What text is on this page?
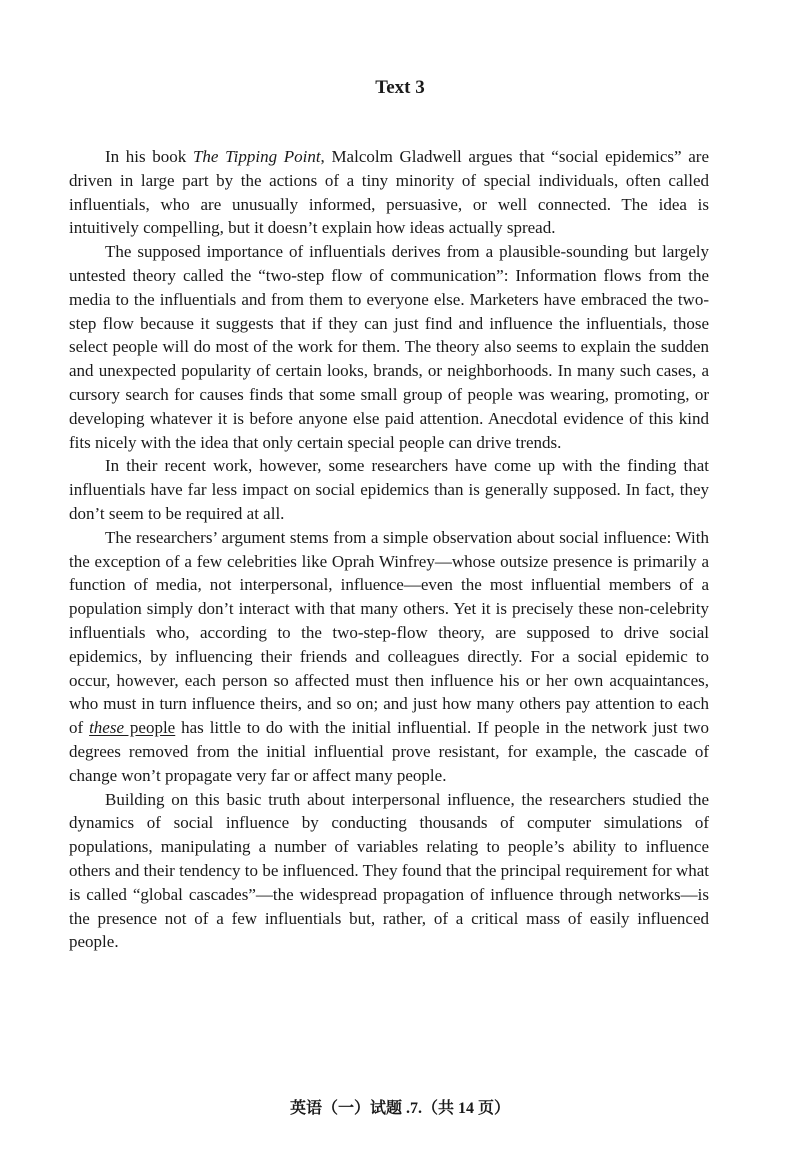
Text 3

In his book The Tipping Point, Malcolm Gladwell argues that “social epidemics” are driven in large part by the actions of a tiny minority of special individuals, often called influentials, who are unusually informed, persuasive, or well connected. The idea is intuitively compelling, but it doesn’t explain how ideas actually spread.

The supposed importance of influentials derives from a plausible-sounding but largely untested theory called the “two-step flow of communication”: Information flows from the media to the influentials and from them to everyone else. Marketers have embraced the two-step flow because it suggests that if they can just find and influence the influentials, those select people will do most of the work for them. The theory also seems to explain the sudden and unexpected popularity of certain looks, brands, or neighborhoods. In many such cases, a cursory search for causes finds that some small group of people was wearing, promoting, or developing whatever it is before anyone else paid attention. Anecdotal evidence of this kind fits nicely with the idea that only certain special people can drive trends.

In their recent work, however, some researchers have come up with the finding that influentials have far less impact on social epidemics than is generally supposed. In fact, they don’t seem to be required at all.

The researchers’ argument stems from a simple observation about social influence: With the exception of a few celebrities like Oprah Winfrey—whose outsize presence is primarily a function of media, not interpersonal, influence—even the most influential members of a population simply don’t interact with that many others. Yet it is precisely these non-celebrity influentials who, according to the two-step-flow theory, are supposed to drive social epidemics, by influencing their friends and colleagues directly. For a social epidemic to occur, however, each person so affected must then influence his or her own acquaintances, who must in turn influence theirs, and so on; and just how many others pay attention to each of these people has little to do with the initial influential. If people in the network just two degrees removed from the initial influential prove resistant, for example, the cascade of change won’t propagate very far or affect many people.

Building on this basic truth about interpersonal influence, the researchers studied the dynamics of social influence by conducting thousands of computer simulations of populations, manipulating a number of variables relating to people’s ability to influence others and their tendency to be influenced. They found that the principal requirement for what is called “global cascades”—the widespread propagation of influence through networks—is the presence not of a few influentials but, rather, of a critical mass of easily influenced people.

英语（一）试题 .7.（共 14 页）
